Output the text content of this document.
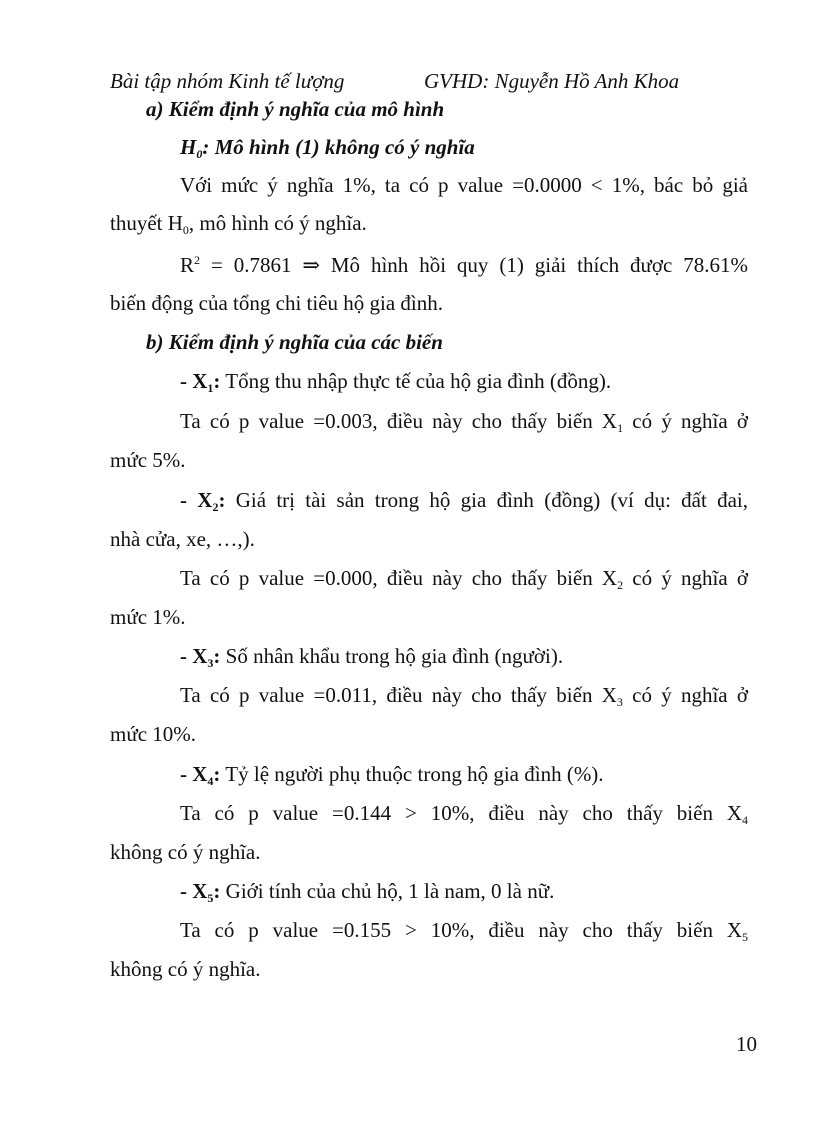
Bài tập nhóm Kinh tế lượng	GVHD: Nguyễn Hồ Anh Khoa
a) Kiểm định ý nghĩa của mô hình
$H_0$: Mô hình (1) không có ý nghĩa
Với mức ý nghĩa 1%, ta có p value =0.0000 < 1%, bác bỏ giả
thuyết $H_0$, mô hình có ý nghĩa.
$R^2 = 0.7861$ ⇒ Mô hình hồi quy (1) giải thích được 78.61%
biến động của tổng chi tiêu hộ gia đình.
b) Kiểm định ý nghĩa của các biến
- $X_1$: Tổng thu nhập thực tế của hộ gia đình (đồng).
Ta có p value =0.003, điều này cho thấy biến $X_1$ có ý nghĩa ở
mức 5%.
- $X_2$: Giá trị tài sản trong hộ gia đình (đồng) (ví dụ: đất đai,
nhà cửa, xe, …,).
Ta có p value =0.000, điều này cho thấy biến $X_2$ có ý nghĩa ở
mức 1%.
- $X_3$: Số nhân khẩu trong hộ gia đình (người).
Ta có p value =0.011, điều này cho thấy biến $X_3$ có ý nghĩa ở
mức 10%.
- $X_4$: Tỷ lệ người phụ thuộc trong hộ gia đình (%).
Ta có p value =0.144 > 10%, điều này cho thấy biến $X_4$
không có ý nghĩa.
- $X_5$: Giới tính của chủ hộ, 1 là nam, 0 là nữ.
Ta có p value =0.155 > 10%, điều này cho thấy biến $X_5$
không có ý nghĩa.
10
